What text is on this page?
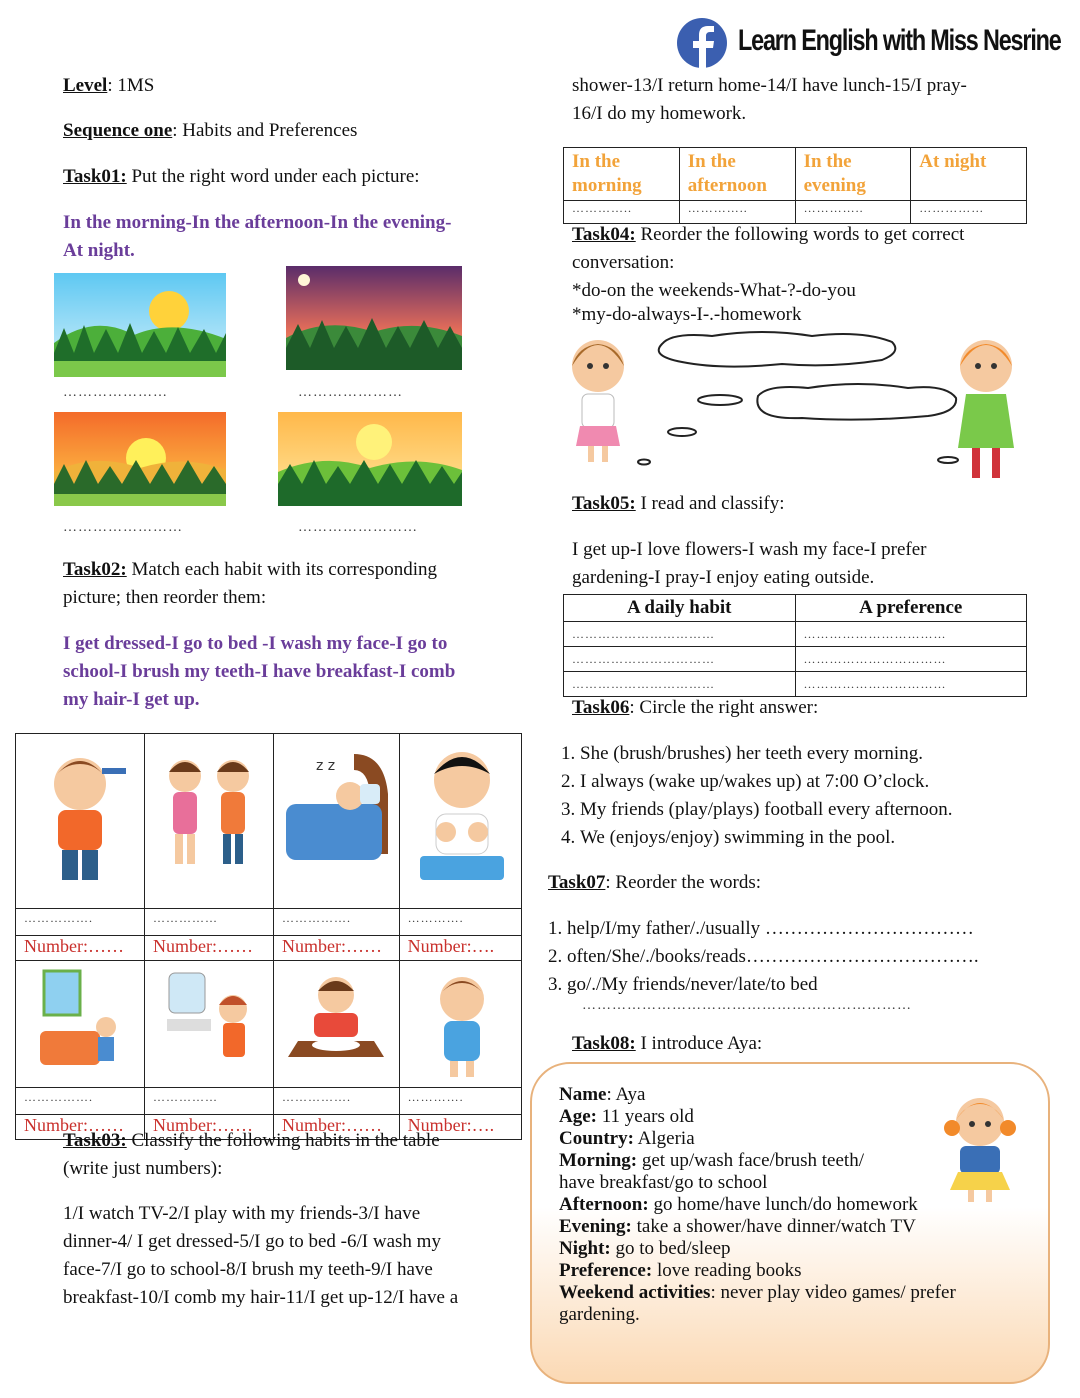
Learn English with Miss Nesrine
Level: 1MS
Sequence one: Habits and Preferences
Task01: Put the right word under each picture:
In the morning-In the afternoon-In the evening-
At night.
…………………	…………………
……………………	……………………
Task02: Match each habit with its corresponding
picture; then reorder them:
I get dressed-I go to bed -I wash my face-I go to
school-I brush my teeth-I have breakfast-I comb
my hair-I get up.

z z

…………….	……………	…………….	………….
Number:……	Number:……	Number:……	Number:….

…………….	……………	…………….	………….
Number:……	Number:……	Number:……	Number:….
Task03: Classify the following habits in the table
(write just numbers):
1/I watch TV-2/I play with my friends-3/I have
dinner-4/ I get dressed-5/I go to bed -6/I wash my
face-7/I go to school-8/I brush my teeth-9/I have
breakfast-10/I comb my hair-11/I get up-12/I have a
shower-13/I return home-14/I have lunch-15/I pray-
16/I do my homework.
In the morning	In the afternoon	In the evening	At night
…………..	…………..	…………..	……………
Task04: Reorder the following words to get correct
conversation:
*do-on the weekends-What-?-do-you
*my-do-always-I-.-homework
Task05: I read and classify:
I get up-I love flowers-I wash my face-I prefer
gardening-I pray-I enjoy eating outside.
A daily habit	A preference
……………………………	……………………………
……………………………	……………………………
……………………………	……………………………
Task06: Circle the right answer:
1. She (brush/brushes) her teeth every morning.
2. I always (wake up/wakes up) at 7:00 O’clock.
3. My friends (play/plays) football every afternoon.
4. We (enjoys/enjoy) swimming in the pool.
Task07: Reorder the words:
1. help/I/my father/./usually ……………………………
2. often/She/./books/reads……………………………….
3. go/./My friends/never/late/to bed
…………………………………………………………
Task08: I introduce Aya:
Name: Aya
Age: 11 years old
Country: Algeria
Morning: get up/wash face/brush teeth/
have breakfast/go to school
Afternoon: go home/have lunch/do homework
Evening: take a shower/have dinner/watch TV
Night: go to bed/sleep
Preference: love reading books
Weekend activities: never play video games/ prefer
gardening.
